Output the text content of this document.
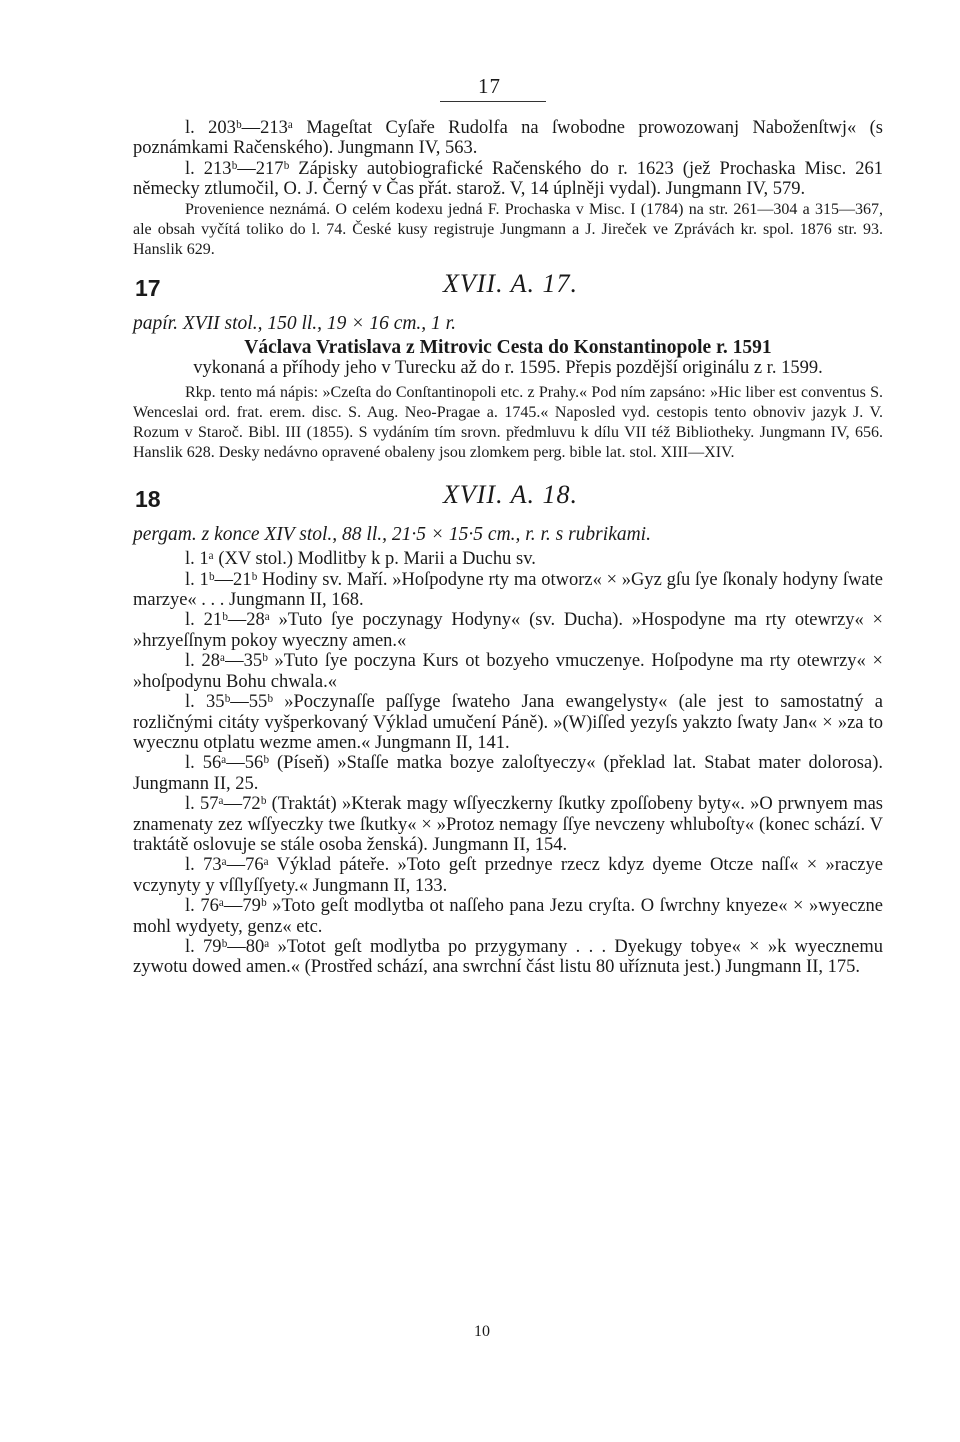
17
l. 203ᵇ—213ᵃ Mageſtat Cyſaře Rudolfa na ſwobodne prowozowanj Naboženſtwj« (s poznámkami Račenského). Jungmann IV, 563.
l. 213ᵇ—217ᵇ Zápisky autobiografické Račenského do r. 1623 (jež Prochaska Misc. 261 německy ztlumočil, O. J. Černý v Čas přát. starož. V, 14 úplněji vydal). Jungmann IV, 579.
Provenience neznámá. O celém kodexu jedná F. Prochaska v Misc. I (1784) na str. 261—304 a 315—367, ale obsah vyčítá toliko do l. 74. České kusy registruje Jungmann a J. Jireček ve Zprávách kr. spol. 1876 str. 93. Hanslik 629.
17	XVII. A. 17.
papír. XVII stol., 150 ll., 19 × 16 cm., 1 r.
Václava Vratislava z Mitrovic Cesta do Konstantinopole r. 1591
vykonaná a příhody jeho v Turecku až do r. 1595. Přepis pozdější originálu z r. 1599.
Rkp. tento má nápis: »Czeſta do Conſtantinopoli etc. z Prahy.« Pod ním zapsáno: »Hic liber est conventus S. Wenceslai ord. frat. erem. disc. S. Aug. Neo-Pragae a. 1745.« Naposled vyd. cestopis tento obnoviv jazyk J. V. Rozum v Staroč. Bibl. III (1855). S vydáním tím srovn. předmluvu k dílu VII též Bibliotheky. Jungmann IV, 656. Hanslik 628. Desky nedávno opravené obaleny jsou zlomkem perg. bible lat. stol. XIII—XIV.
18	XVII. A. 18.
pergam. z konce XIV stol., 88 ll., 21·5 × 15·5 cm., r. r. s rubrikami.
l. 1ᵃ (XV stol.) Modlitby k p. Marii a Duchu sv.
l. 1ᵇ—21ᵇ Hodiny sv. Maří. »Hoſpodyne rty ma otworz« × »Gyz gſu ſye ſkonaly hodyny ſwate marzye« . . . Jungmann II, 168.
l. 21ᵇ—28ᵃ »Tuto ſye poczynagy Hodyny« (sv. Ducha). »Hospodyne ma rty otewrzy« × »hrzyeſſnym pokoy wyeczny amen.«
l. 28ᵃ—35ᵇ »Tuto ſye poczyna Kurs ot bozyeho vmuczenye. Hoſpodyne ma rty otewrzy« × »hoſpodynu Bohu chwala.«
l. 35ᵇ—55ᵇ »Poczynaſſe paſſyge ſwateho Jana ewangelysty« (ale jest to samostatný a rozličnými citáty vyšperkovaný Výklad umučení Páně). »(W)iſſed yezyſs yakzto ſwaty Jan« × »za to wyecznu otplatu wezme amen.« Jungmann II, 141.
l. 56ᵃ—56ᵇ (Píseň) »Staſſe matka bozye zaloſtyeczy« (překlad lat. Stabat mater dolorosa). Jungmann II, 25.
l. 57ᵃ—72ᵇ (Traktát) »Kterak magy wſſyeczkerny ſkutky zpoſſobeny byty«. »O prwnyem mas znamenaty zez wſſyeczky twe ſkutky« × »Protoz nemagy ſſye nevczeny whluboſty« (konec schází. V traktátě oslovuje se stále osoba ženská). Jungmann II, 154.
l. 73ᵃ—76ᵃ Výklad páteře. »Toto geſt przednye rzecz kdyz dyeme Otcze naſſ« × »raczye vczynyty y vſſlyſſyety.« Jungmann II, 133.
l. 76ᵃ—79ᵇ »Toto geſt modlytba ot naſſeho pana Jezu cryſta. O ſwrchny knyeze« × »wyeczne mohl wydyety, genz« etc.
l. 79ᵇ—80ᵃ »Totot geſt modlytba po przygymany . . . Dyekugy tobye« × »k wyecznemu zywotu dowed amen.« (Prostřed schází, ana swrchní část listu 80 uříznuta jest.) Jungmann II, 175.
10
